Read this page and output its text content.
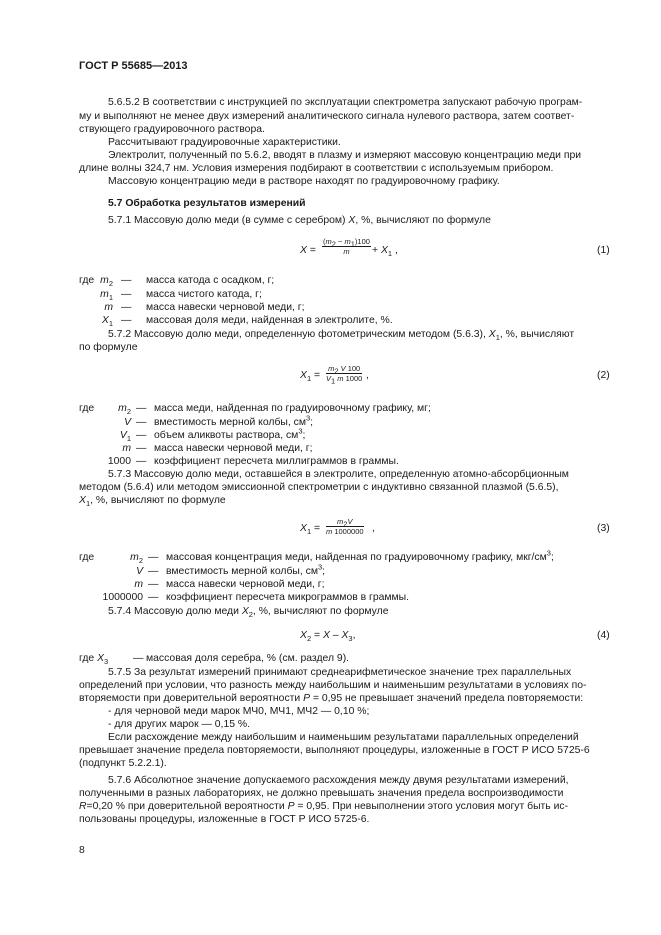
ГОСТ Р 55685—2013
5.6.5.2 В соответствии с инструкцией по эксплуатации спектрометра запускают рабочую програм-
му и выполняют не менее двух измерений аналитического сигнала нулевого раствора, затем соответ-
ствующего градуировочного раствора.
Рассчитывают градуировочные характеристики.
Электролит, полученный по 5.6.2, вводят в плазму и измеряют массовую концентрацию меди при
длине волны 324,7 нм. Условия измерения подбирают в соответствии с используемым прибором.
Массовую концентрацию меди в растворе находят по градуировочному графику.
5.7 Обработка результатов измерений
5.7.1 Массовую долю меди (в сумме с серебром) X, %, вычисляют по формуле
$X = \frac{(m_2 - m_1)100}{m} + X_1$ ,	(1)
где $m_2$ — масса катода с осадком, г;
$m_1$ — масса чистого катода, г;
m — масса навески черновой меди, г;
$X_1$ — массовая доля меди, найденная в электролите, %.
5.7.2 Массовую долю меди, определенную фотометрическим методом (5.6.3), $X_1$, %, вычисляют
по формуле
$X_1 = \frac{m_2 V 100}{V_1 m 1000}$ ,	(2)
где $m_2$ — масса меди, найденная по градуировочному графику, мг;
V — вместимость мерной колбы, $см^3$;
$V_1$ — объем аликвоты раствора, $см^3$;
m — масса навески черновой меди, г;
1000 — коэффициент пересчета миллиграммов в граммы.
5.7.3 Массовую долю меди, оставшейся в электролите, определенную атомно-абсорбционным
методом (5.6.4) или методом эмиссионной спектрометрии с индуктивно связанной плазмой (5.6.5),
$X_1$, %, вычисляют по формуле
$X_1 = \frac{m_2V}{m 1000000}$ ,	(3)
где	$m_2$ — массовая концентрация меди, найденная по градуировочному графику, мкг/$см^3$;
V — вместимость мерной колбы, $см^3$;
m — масса навески черновой меди, г;
1000000 — коэффициент пересчета микрограммов в граммы.
5.7.4 Массовую долю меди $X_2$, %, вычисляют по формуле
$X_2 = X - X_3$,	(4)
где $X_3$ — массовая доля серебра, % (см. раздел 9).
5.7.5 За результат измерений принимают среднеарифметическое значение трех параллельных
определений при условии, что разность между наибольшим и наименьшим результатами в условиях по-
вторяемости при доверительной вероятности P = 0,95 не превышает значений предела повторяемости:
- для черновой меди марок МЧ0, МЧ1, МЧ2 — 0,10 %;
- для других марок — 0,15 %.
Если расхождение между наибольшим и наименьшим результатами параллельных определений
превышает значение предела повторяемости, выполняют процедуры, изложенные в ГОСТ Р ИСО 5725-6
(подпункт 5.2.2.1).
5.7.6 Абсолютное значение допускаемого расхождения между двумя результатами измерений,
полученными в разных лабораториях, не должно превышать значения предела воспроизводимости
R=0,20 % при доверительной вероятности P = 0,95. При невыполнении этого условия могут быть ис-
пользованы процедуры, изложенные в ГОСТ Р ИСО 5725-6.
8
